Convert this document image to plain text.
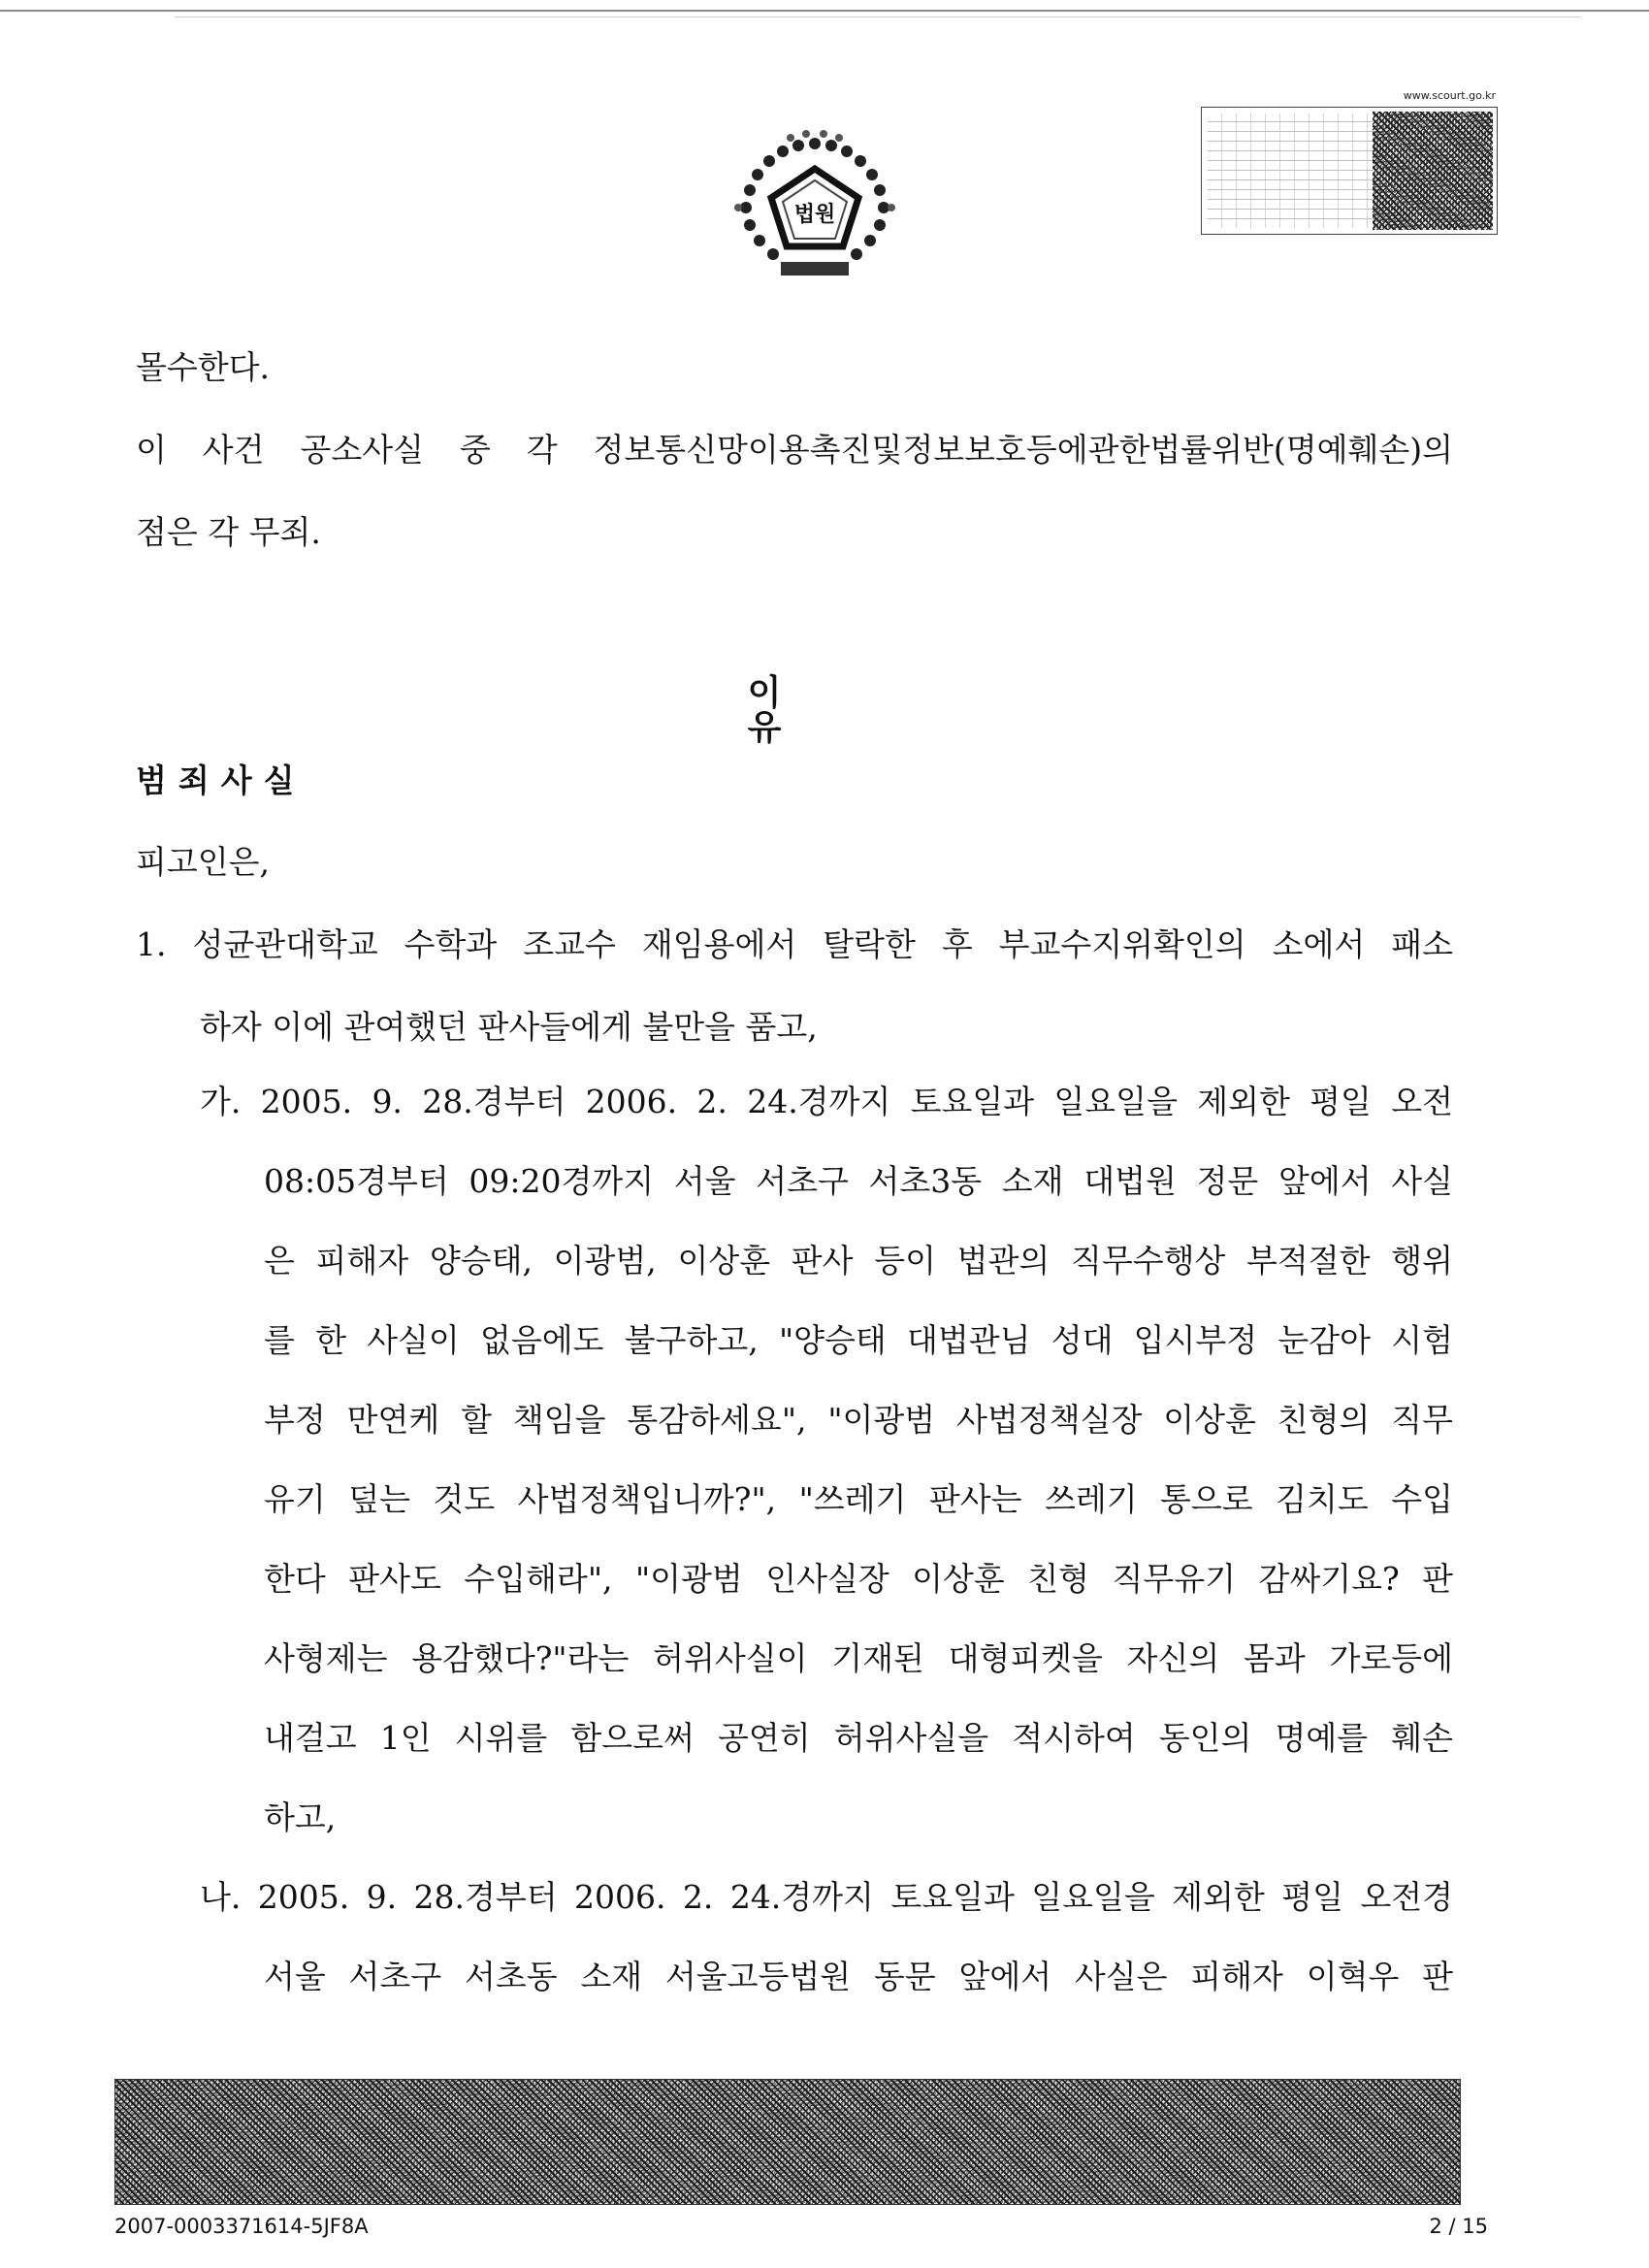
법원
www.scourt.go.kr
몰수한다.
이 사건 공소사실 중 각 정보통신망이용촉진및정보보호등에관한법률위반(명예훼손)의
점은 각 무죄.
이유
범죄사실
피고인은,
1. 성균관대학교 수학과 조교수 재임용에서 탈락한 후 부교수지위확인의 소에서 패소
하자 이에 관여했던 판사들에게 불만을 품고,
가. 2005. 9. 28.경부터 2006. 2. 24.경까지 토요일과 일요일을 제외한 평일 오전
08:05경부터 09:20경까지 서울 서초구 서초3동 소재 대법원 정문 앞에서 사실
은 피해자 양승태, 이광범, 이상훈 판사 등이 법관의 직무수행상 부적절한 행위
를 한 사실이 없음에도 불구하고, "양승태 대법관님 성대 입시부정 눈감아 시험
부정 만연케 할 책임을 통감하세요", "이광범 사법정책실장 이상훈 친형의 직무
유기 덮는 것도 사법정책입니까?", "쓰레기 판사는 쓰레기 통으로 김치도 수입
한다 판사도 수입해라", "이광범 인사실장 이상훈 친형 직무유기 감싸기요? 판
사형제는 용감했다?"라는 허위사실이 기재된 대형피켓을 자신의 몸과 가로등에
내걸고 1인 시위를 함으로써 공연히 허위사실을 적시하여 동인의 명예를 훼손
하고,
나. 2005. 9. 28.경부터 2006. 2. 24.경까지 토요일과 일요일을 제외한 평일 오전경
서울 서초구 서초동 소재 서울고등법원 동문 앞에서 사실은 피해자 이혁우 판
2007-0003371614-5JF8A	2 / 15
